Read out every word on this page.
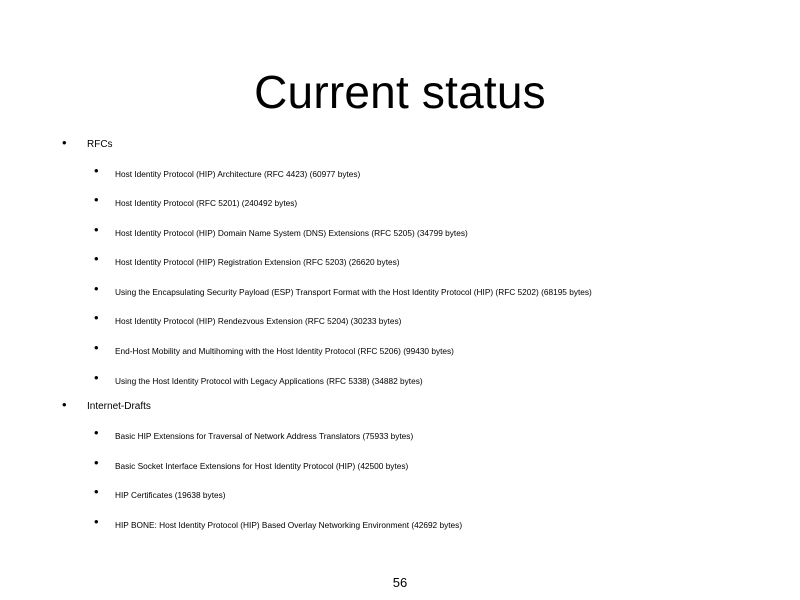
Current status
• RFCs
• Host Identity Protocol (HIP) Architecture (RFC 4423) (60977 bytes)
• Host Identity Protocol (RFC 5201) (240492 bytes)
• Host Identity Protocol (HIP) Domain Name System (DNS) Extensions (RFC 5205) (34799 bytes)
• Host Identity Protocol (HIP) Registration Extension (RFC 5203) (26620 bytes)
• Using the Encapsulating Security Payload (ESP) Transport Format with the Host Identity Protocol (HIP) (RFC 5202) (68195 bytes)
• Host Identity Protocol (HIP) Rendezvous Extension (RFC 5204) (30233 bytes)
• End-Host Mobility and Multihoming with the Host Identity Protocol (RFC 5206) (99430 bytes)
• Using the Host Identity Protocol with Legacy Applications (RFC 5338) (34882 bytes)
• Internet-Drafts
• Basic HIP Extensions for Traversal of Network Address Translators (75933 bytes)
• Basic Socket Interface Extensions for Host Identity Protocol (HIP) (42500 bytes)
• HIP Certificates (19638 bytes)
• HIP BONE: Host Identity Protocol (HIP) Based Overlay Networking Environment (42692 bytes)
56
